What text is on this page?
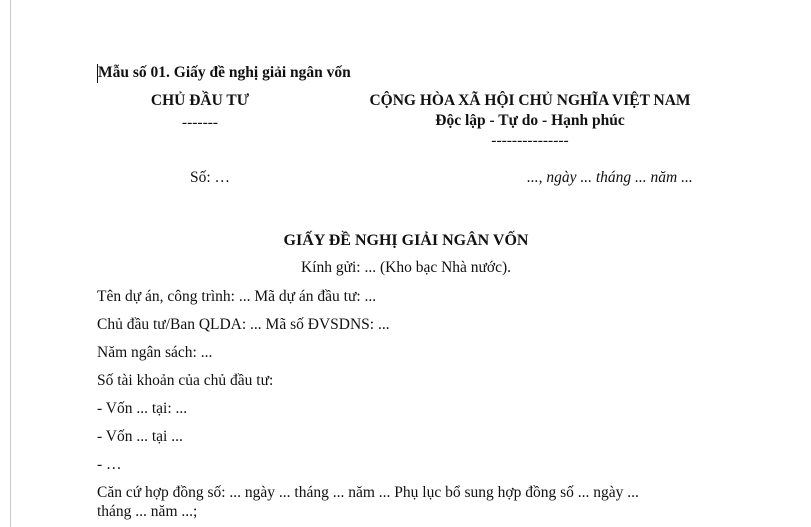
Mẫu số 01. Giấy đề nghị giải ngân vốn
CHỦ ĐẦU TƯ
-------
CỘNG HÒA XÃ HỘI CHỦ NGHĨA VIỆT NAM
Độc lập - Tự do - Hạnh phúc
---------------
Số: …	..., ngày ... tháng ... năm ...
GIẤY ĐỀ NGHỊ GIẢI NGÂN VỐN
Kính gửi: ... (Kho bạc Nhà nước).
Tên dự án, công trình: ... Mã dự án đầu tư: ...
Chủ đầu tư/Ban QLDA: ... Mã số ĐVSDNS: ...
Năm ngân sách: ...
Số tài khoản của chủ đầu tư:
- Vốn ... tại: ...
- Vốn ... tại ...
- …
Căn cứ hợp đồng số: ... ngày ... tháng ... năm ... Phụ lục bổ sung hợp đồng số ... ngày ...
tháng ... năm ...;
